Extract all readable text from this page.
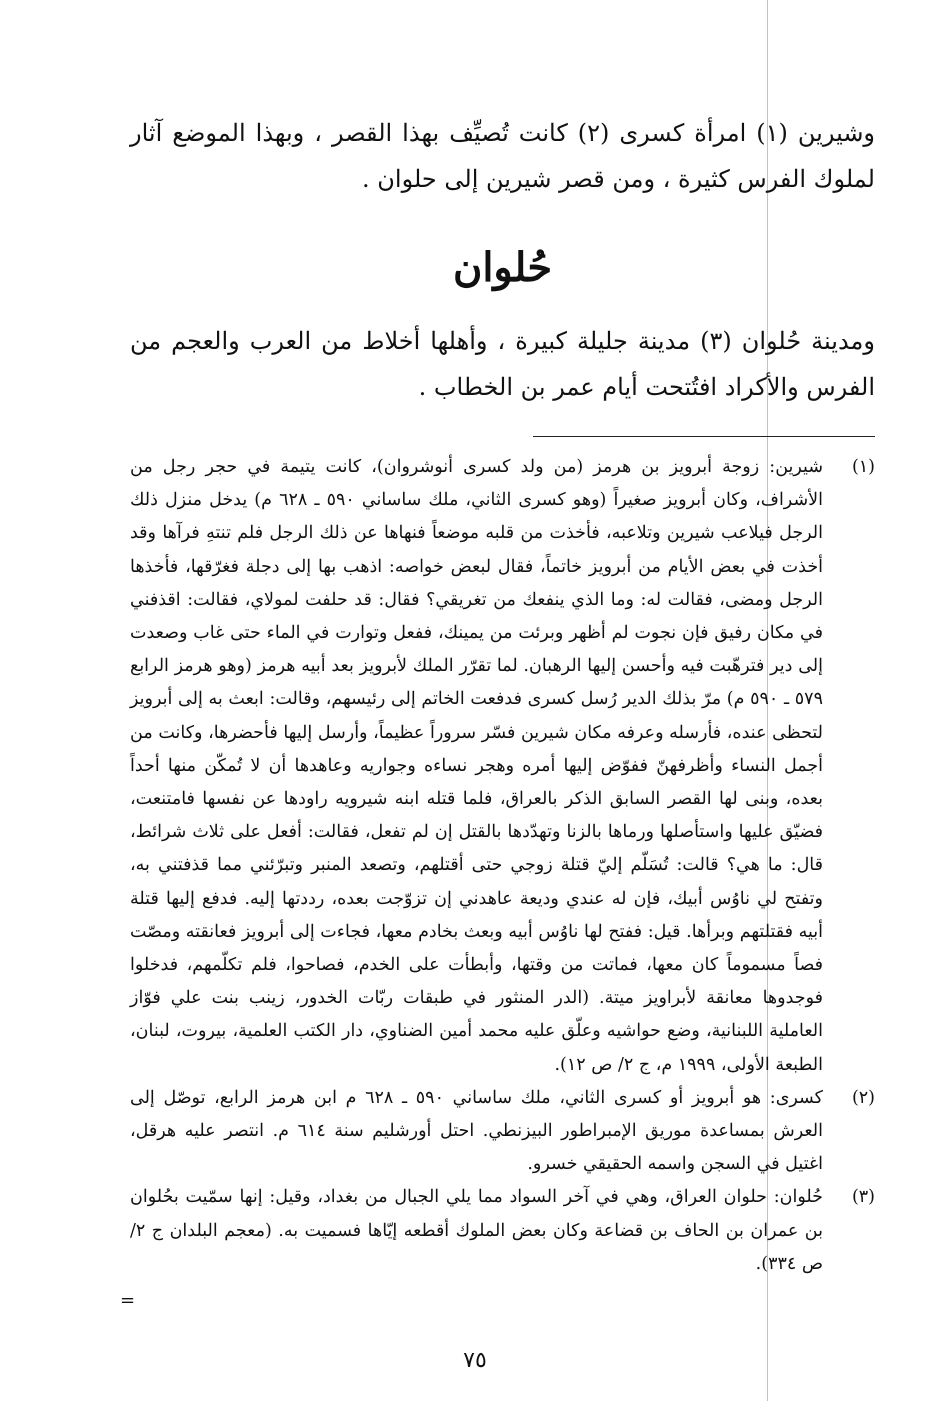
وشيرين (١) امرأة كسرى (٢) كانت تُصيِّف بهذا القصر ، وبهذا الموضع آثار لملوك الفرس كثيرة ، ومن قصر شيرين إلى حلوان .

حُلوان

ومدينة حُلوان (٣) مدينة جليلة كبيرة ، وأهلها أخلاط من العرب والعجم من الفرس والأكراد افتُتحت أيام عمر بن الخطاب .

(١)
شيرين: زوجة أبرويز بن هرمز (من ولد كسرى أنوشروان)، كانت يتيمة في حجر رجل من الأشراف، وكان أبرويز صغيراً (وهو كسرى الثاني، ملك ساساني ٥٩٠ ـ ٦٢٨ م) يدخل منزل ذلك الرجل فيلاعب شيرين وتلاعبه، فأخذت من قلبه موضعاً فنهاها عن ذلك الرجل فلم تنتهِ فرآها وقد أخذت في بعض الأيام من أبرويز خاتماً، فقال لبعض خواصه: اذهب بها إلى دجلة فغرّقها، فأخذها الرجل ومضى، فقالت له: وما الذي ينفعك من تغريقي؟ فقال: قد حلفت لمولاي، فقالت: اقذفني في مكان رفيق فإن نجوت لم أظهر وبرئت من يمينك، ففعل وتوارت في الماء حتى غاب وصعدت إلى دير فترهّبت فيه وأحسن إليها الرهبان. لما تقرّر الملك لأبرويز بعد أبيه هرمز (وهو هرمز الرابع ٥٧٩ ـ ٥٩٠ م) مرّ بذلك الدير رُسل كسرى فدفعت الخاتم إلى رئيسهم، وقالت: ابعث به إلى أبرويز لتحظى عنده، فأرسله وعرفه مكان شيرين فسّر سروراً عظيماً، وأرسل إليها فأحضرها، وكانت من أجمل النساء وأظرفهنّ ففوّض إليها أمره وهجر نساءه وجواريه وعاهدها أن لا تُمكّن منها أحداً بعده، وبنى لها القصر السابق الذكر بالعراق، فلما قتله ابنه شيرويه راودها عن نفسها فامتنعت، فضيّق عليها واستأصلها ورماها بالزنا وتهدّدها بالقتل إن لم تفعل، فقالت: أفعل على ثلاث شرائط، قال: ما هي؟ قالت: تُسَلّم إليّ قتلة زوجي حتى أقتلهم، وتصعد المنبر وتبرّئني مما قذفتني به، وتفتح لي ناوُس أبيك، فإن له عندي وديعة عاهدني إن تزوّجت بعده، رددتها إليه. فدفع إليها قتلة أبيه فقتلتهم وبرأها. قيل: ففتح لها ناوُس أبيه وبعث بخادم معها، فجاءت إلى أبرويز فعانقته ومصّت فصاً مسموماً كان معها، فماتت من وقتها، وأبطأت على الخدم، فصاحوا، فلم تكلّمهم، فدخلوا فوجدوها معانقة لأبراويز ميتة. (الدر المنثور في طبقات ربّات الخدور، زينب بنت علي فوّاز العاملية اللبنانية، وضع حواشيه وعلّق عليه محمد أمين الضناوي، دار الكتب العلمية، بيروت، لبنان، الطبعة الأولى، ١٩٩٩ م، ج ٢/ ص ١٢).
(٢)
كسرى: هو أبرويز أو كسرى الثاني، ملك ساساني ٥٩٠ ـ ٦٢٨ م ابن هرمز الرابع، توصّل إلى العرش بمساعدة موريق الإمبراطور البيزنطي. احتل أورشليم سنة ٦١٤ م. انتصر عليه هرقل، اغتيل في السجن واسمه الحقيقي خسرو.
(٣)
حُلوان: حلوان العراق، وهي في آخر السواد مما يلي الجبال من بغداد، وقيل: إنها سمّيت بحُلوان بن عمران بن الحاف بن قضاعة وكان بعض الملوك أقطعه إيّاها فسميت به. (معجم البلدان ج ٢/ ص ٣٣٤).
=
٧٥
